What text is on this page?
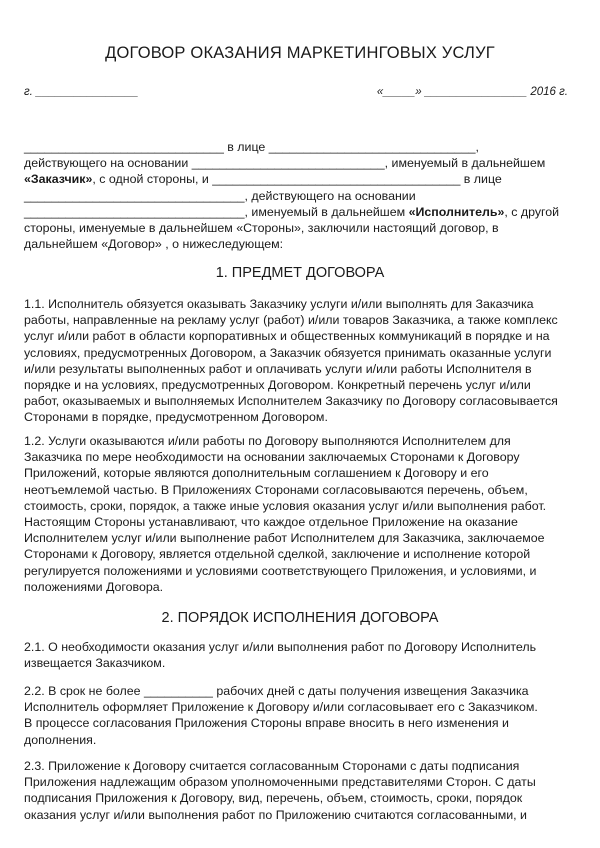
ДОГОВОР ОКАЗАНИЯ МАРКЕТИНГОВЫХ УСЛУГ
г. ________________	«_____» ________________ 2016 г.
_____________________________ в лице ______________________________,
действующего на основании ____________________________, именуемый в дальнейшем
«Заказчик», с одной стороны, и ____________________________________ в лице
________________________________, действующего на основании
________________________________, именуемый в дальнейшем «Исполнитель», с другой
стороны, именуемые в дальнейшем «Стороны», заключили настоящий договор, в
дальнейшем «Договор» , о нижеследующем:
1. ПРЕДМЕТ ДОГОВОРА
1.1. Исполнитель обязуется оказывать Заказчику услуги и/или выполнять для Заказчика
работы, направленные на рекламу услуг (работ) и/или товаров Заказчика, а также комплекс
услуг и/или работ в области корпоративных и общественных коммуникаций в порядке и на
условиях, предусмотренных Договором, а Заказчик обязуется принимать оказанные услуги
и/или результаты выполненных работ и оплачивать услуги и/или работы Исполнителя в
порядке и на условиях, предусмотренных Договором. Конкретный перечень услуг и/или
работ, оказываемых и выполняемых Исполнителем Заказчику по Договору согласовывается
Сторонами в порядке, предусмотренном Договором.
1.2. Услуги оказываются и/или работы по Договору выполняются Исполнителем для
Заказчика по мере необходимости на основании заключаемых Сторонами к Договору
Приложений, которые являются дополнительным соглашением к Договору и его
неотъемлемой частью. В Приложениях Сторонами согласовываются перечень, объем,
стоимость, сроки, порядок, а также иные условия оказания услуг и/или выполнения работ.
Настоящим Стороны устанавливают, что каждое отдельное Приложение на оказание
Исполнителем услуг и/или выполнение работ Исполнителем для Заказчика, заключаемое
Сторонами к Договору, является отдельной сделкой, заключение и исполнение которой
регулируется положениями и условиями соответствующего Приложения, и условиями, и
положениями Договора.
2. ПОРЯДОК ИСПОЛНЕНИЯ ДОГОВОРА
2.1. О необходимости оказания услуг и/или выполнения работ по Договору Исполнитель
извещается Заказчиком.
2.2. В срок не более __________ рабочих дней с даты получения извещения Заказчика
Исполнитель оформляет Приложение к Договору и/или согласовывает его с Заказчиком.
В процессе согласования Приложения Стороны вправе вносить в него изменения и
дополнения.
2.3. Приложение к Договору считается согласованным Сторонами с даты подписания
Приложения надлежащим образом уполномоченными представителями Сторон. С даты
подписания Приложения к Договору, вид, перечень, объем, стоимость, сроки, порядок
оказания услуг и/или выполнения работ по Приложению считаются согласованными, и
